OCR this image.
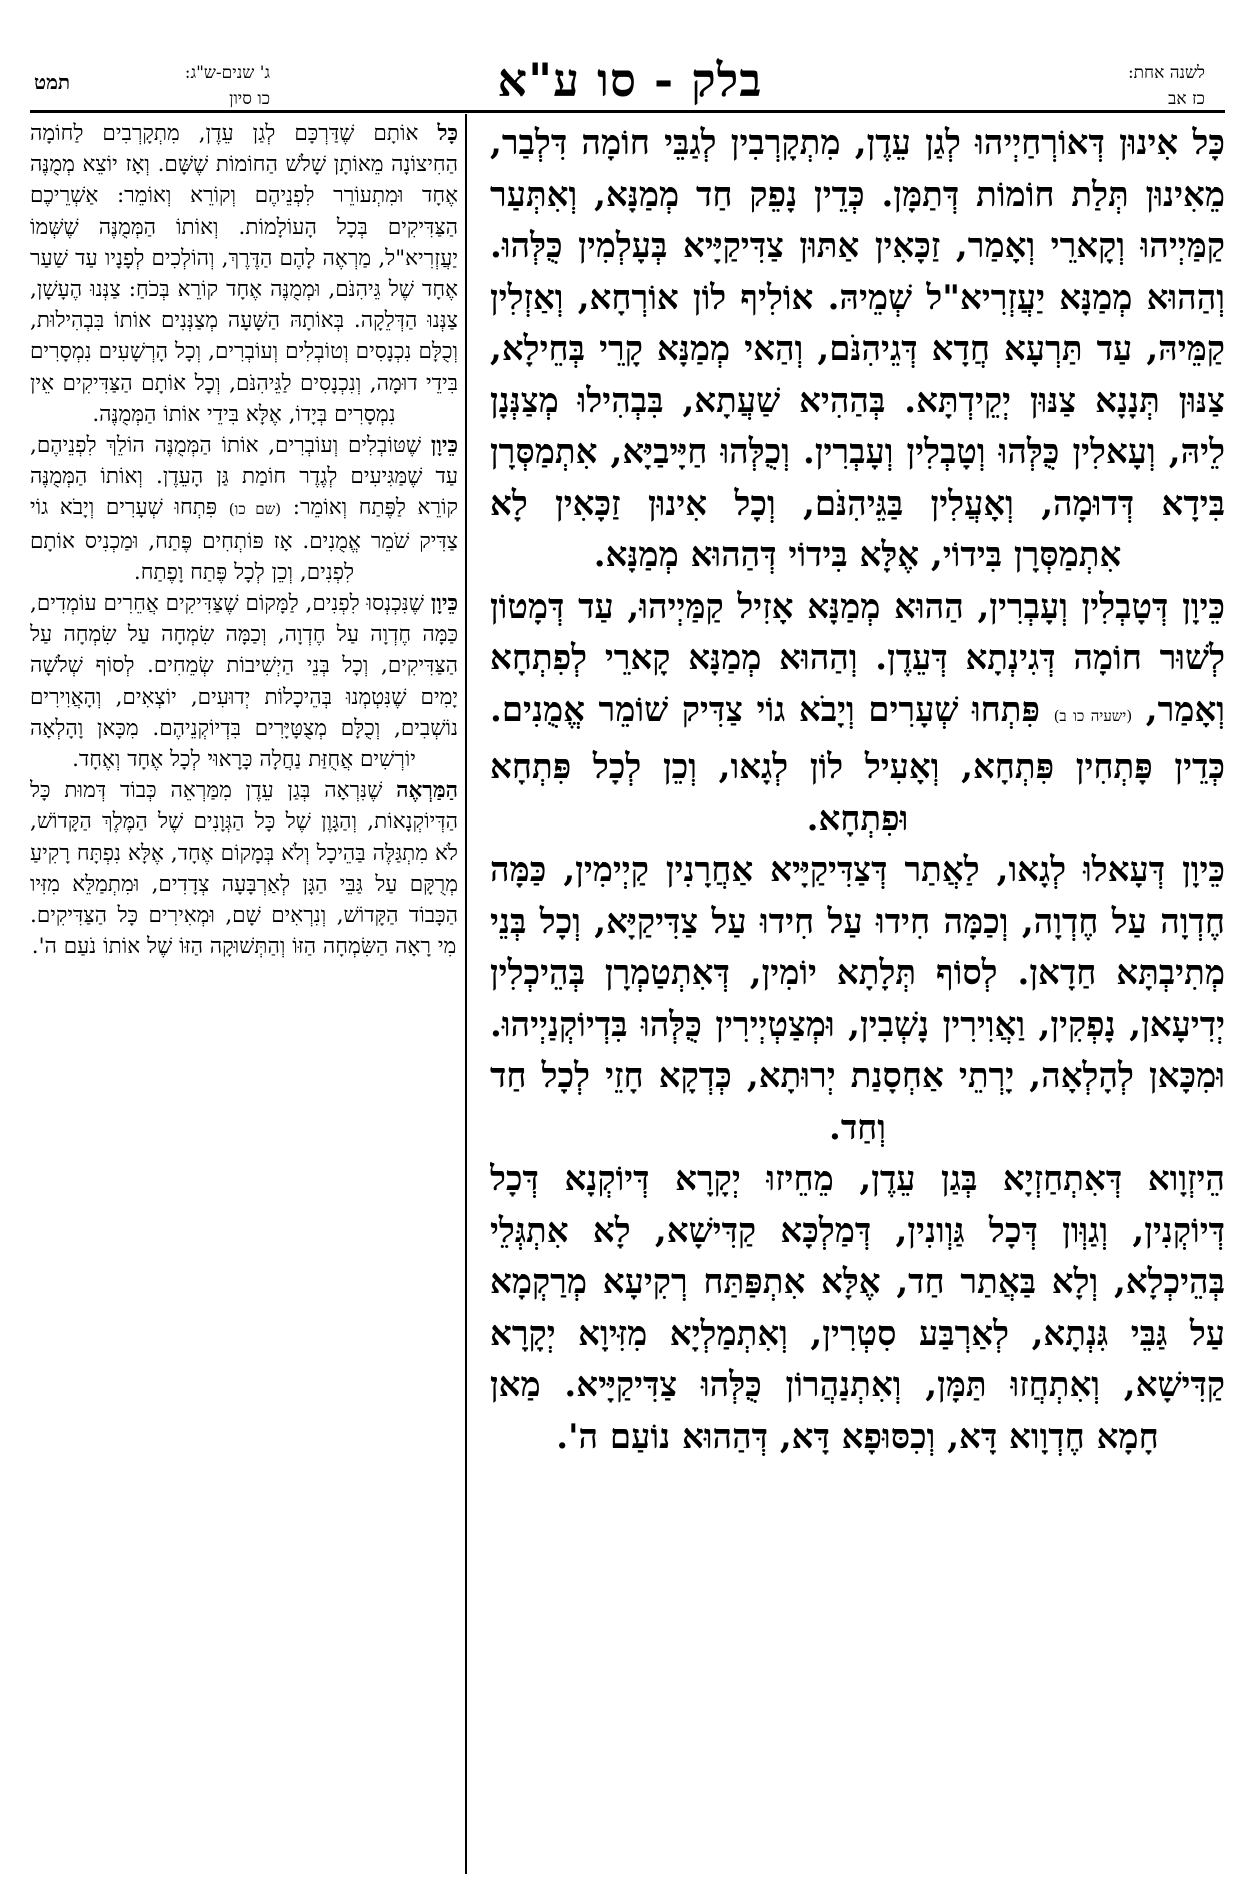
לשנה אחת:
כז אב
בלק - סו ע"א
ג' שנים-ש"ג:
כו סיון
תמט

כָּל אִינוּן דְּאוֹרְחַיְיהוּ לְגַן עֵדֶן, מִתְקָרְבִין לְגַבֵּי חוֹמָה דִּלְבַר, מֵאִינוּן תְּלַת חוֹמוֹת דְּתַמָּן. כְּדֵין נָפֵק חַד מְמַנָּא, וְאִתְּעַר קַמַּיְיהוּ וְקָארֵי וְאָמַר, זַכָּאִין אַתּוּן צַדִּיקַיָּיא בְּעָלְמִין כֻּלְּהוּ. וְהַהוּא מְמַנָּא יַעֲזְרִיא"ל שְׁמֵיהּ. אוֹלִיף לוֹן אוֹרְחָא, וְאַזְלִין קַמֵּיהּ, עַד תַּרְעָא חֲדָא דְּגֵיהִנֹּם, וְהַאי מְמַנָּא קָרֵי בְּחֵילָא, צַנּוּן תְּנָנָא צַנּוּן יְקֵידְתָּא. בְּהַהִיא שַׁעֲתָא, בִּבְהִילוּ מְצַנְּנָן לֵיהּ, וְעָאלִין כֻּלְּהוּ וְטָבְלִין וְעָבְרִין. וְכֻלְּהוּ חַיָּיבַיָּא, אִתְמַסְּרָן בִּידָא דְּדוּמָה, וְאָעֲלִין בַּגֵּיהִנֹּם, וְכָל אִינוּן זַכָּאִין לָא אִתְמַסְּרָן בִּידוֹי, אֶלָּא בִּידוֹי דְּהַהוּא מְמַנָּא.

כֵּיוָן דְּטָבְלִין וְעָבְרִין, הַהוּא מְמַנָּא אָזִיל קַמַּיְיהוּ, עַד דְּמָטוֹן לְשׁוּר חוֹמָה דְּגִינְתָא דְּעֵדֶן. וְהַהוּא מְמַנָּא קָארֵי לְפִתְחָא וְאָמַר, (ישעיה כו ב) פִּתְחוּ שְׁעָרִים וְיָבֹא גוֹי צַדִּיק שׁוֹמֵר אֱמֻנִים. כְּדֵין פָּתְחִין פִּתְחָא, וְאָעִיל לוֹן לְגָאו, וְכֵן לְכָל פִּתְחָא וּפִתְחָא.

כֵּיוָן דְּעָאלוּ לְגָאו, לַאֲתַר דְּצַדִּיקַיָּיא אַחֲרָנִין קַיְימִין, כַּמָּה חֶדְוָה עַל חֶדְוָה, וְכַמָּה חִידוּ עַל חִידוּ עַל צַדִּיקַיָּא, וְכָל בְּנֵי מְתִיבְתָּא חַדָאן. לְסוֹף תְּלָתָא יוֹמִין, דְּאִתְטַמְרָן בְּהֵיכְלִין יְדִיעָאן, נָפְקִין, וַאֲוִירִין נָשְׁבִין, וּמְצַטְיְירִין כֻּלְּהוּ בִּדְיוֹקְנַיְיהוּ. וּמִכָּאן לְהָלְאָה, יָרְתֵי אַחְסָנַת יְרוּתָא, כְּדְקָא חָזֵי לְכָל חַד וְחַד.

הֵיזְוָוא דְּאִתְחַזְיָא בְּגַן עֵדֶן, מֵחֵיזוּ יְקָרָא דְּיוֹקְנָא דְּכָל דְּיוֹקְנִין, וְגַוְּון דְּכָל גַּוְונִין, דְּמַלְכָּא קַדִּישָׁא, לָא אִתְגְּלֵי בְּהֵיכְלָא, וְלָא בַּאֲתַר חַד, אֶלָּא אִתְפַּתַּח רְקִיעָא מְרַקְמָא עַל גַּבֵּי גִּנְתָא, לְאַרְבַּע סִטְרִין, וְאִתְמַלְיָא מִזִּיוָא יְקָרָא קַדִּישָׁא, וְאִתְחֲזוּ תַּמָּן, וְאִתְנַהֲרוֹן כֻּלְּהוּ צַדִּיקַיָּיא. מַאן חָמָא חֶדְוָוא דָּא, וְכִסּוּפָא דָּא, דְּהַהוּא נוֹעַם ה'.

כָּל אוֹתָם שֶׁדַּרְכָּם לְגַן עֵדֶן, מִתְקָרְבִים לַחוֹמָה הַחִיצוֹנָה מֵאוֹתָן שָׁלֹשׁ הַחוֹמוֹת שֶׁשָּׁם. וְאָז יוֹצֵא מְמֻנֶּה אֶחָד וּמִתְעוֹרֵר לִפְנֵיהֶם וְקוֹרֵא וְאוֹמֵר: אַשְׁרֵיכֶם הַצַּדִּיקִים בְּכָל הָעוֹלָמוֹת. וְאוֹתוֹ הַמְּמֻנֶּה שֶׁשְּׁמוֹ יַעֲזְרִיא"ל, מַרְאֶה לָהֶם הַדֶּרֶךְ, וְהוֹלְכִים לְפָנָיו עַד שַׁעַר אֶחָד שֶׁל גֵּיהִנֹּם, וּמְמֻנֶּה אֶחָד קוֹרֵא בְּכֹחַ: צַנְּנוּ הֶעָשָׁן, צַנְּנוּ הַדְּלֵקָה. בְּאוֹתָהּ הַשָּׁעָה מְצַנְּנִים אוֹתוֹ בִּבְהִילוּת, וְכֻלָּם נִכְנָסִים וְטוֹבְלִים וְעוֹבְרִים, וְכָל הָרְשָׁעִים נִמְסָרִים בִּידֵי דוּמָה, וְנִכְנָסִים לַגֵּיהִנֹּם, וְכָל אוֹתָם הַצַּדִּיקִים אֵין נִמְסָרִים בְּיָדוֹ, אֶלָּא בִּידֵי אוֹתוֹ הַמְּמֻנֶּה.

כֵּיוָן שֶׁטּוֹבְלִים וְעוֹבְרִים, אוֹתוֹ הַמְּמֻנֶּה הוֹלֵךְ לִפְנֵיהֶם, עַד שֶׁמַּגִּיעִים לְגֶדֶר חוֹמַת גַּן הָעֵדֶן. וְאוֹתוֹ הַמְּמֻנֶּה קוֹרֵא לַפֶּתַח וְאוֹמֵר: (שם כו) פִּתְחוּ שְׁעָרִים וְיָבֹא גוֹי צַדִּיק שֹׁמֵר אֱמֻנִים. אָז פּוֹתְחִים פֶּתַח, וּמַכְנִיס אוֹתָם לִפְנִים, וְכֵן לְכָל פֶּתַח וָפֶתַח.

כֵּיוָן שֶׁנִּכְנְסוּ לִפְנִים, לַמָּקוֹם שֶׁצַּדִּיקִים אֲחֵרִים עוֹמְדִים, כַּמָּה חֶדְוָה עַל חֶדְוָה, וְכַמָּה שִׂמְחָה עַל שִׂמְחָה עַל הַצַּדִּיקִים, וְכָל בְּנֵי הַיְשִׁיבוֹת שְׂמֵחִים. לְסוֹף שְׁלֹשָׁה יָמִים שֶׁנִּטְמְנוּ בְּהֵיכָלוֹת יְדוּעִים, יוֹצְאִים, וְהָאֲוִירִים נוֹשְׁבִים, וְכֻלָּם מְצֻטָּיָּרִים בִּדְיוֹקְנֵיהֶם. מִכָּאן וָהָלְאָה יוֹרְשִׁים אֲחֻזַּת נַחֲלָה כָּרָאוּי לְכָל אֶחָד וְאֶחָד.

הַמַּרְאֶה שֶׁנִּרְאָה בְּגַן עֵדֶן מִמַּרְאֵה כְּבוֹד דְּמוּת כָּל הַדְּיוֹקְנָאוֹת, וְהַגָּוֶן שֶׁל כָּל הַגְּוָנִים שֶׁל הַמֶּלֶךְ הַקָּדוֹשׁ, לֹא מִתְגַּלֶּה בַּהֵיכָל וְלֹא בְּמָקוֹם אֶחָד, אֶלָּא נִפְתָּח רָקִיעַ מְרֻקָּם עַל גַּבֵּי הַגָּן לְאַרְבָּעָה צְדָדִים, וּמִתְמַלֵּא מִזִּיו הַכָּבוֹד הַקָּדוֹשׁ, וְנִרְאִים שָׁם, וּמְאִירִים כָּל הַצַּדִּיקִים. מִי רָאָה הַשִּׂמְחָה הַזּוֹ וְהַתְּשׁוּקָה הַזּוֹ שֶׁל אוֹתוֹ נֹעַם ה'.
